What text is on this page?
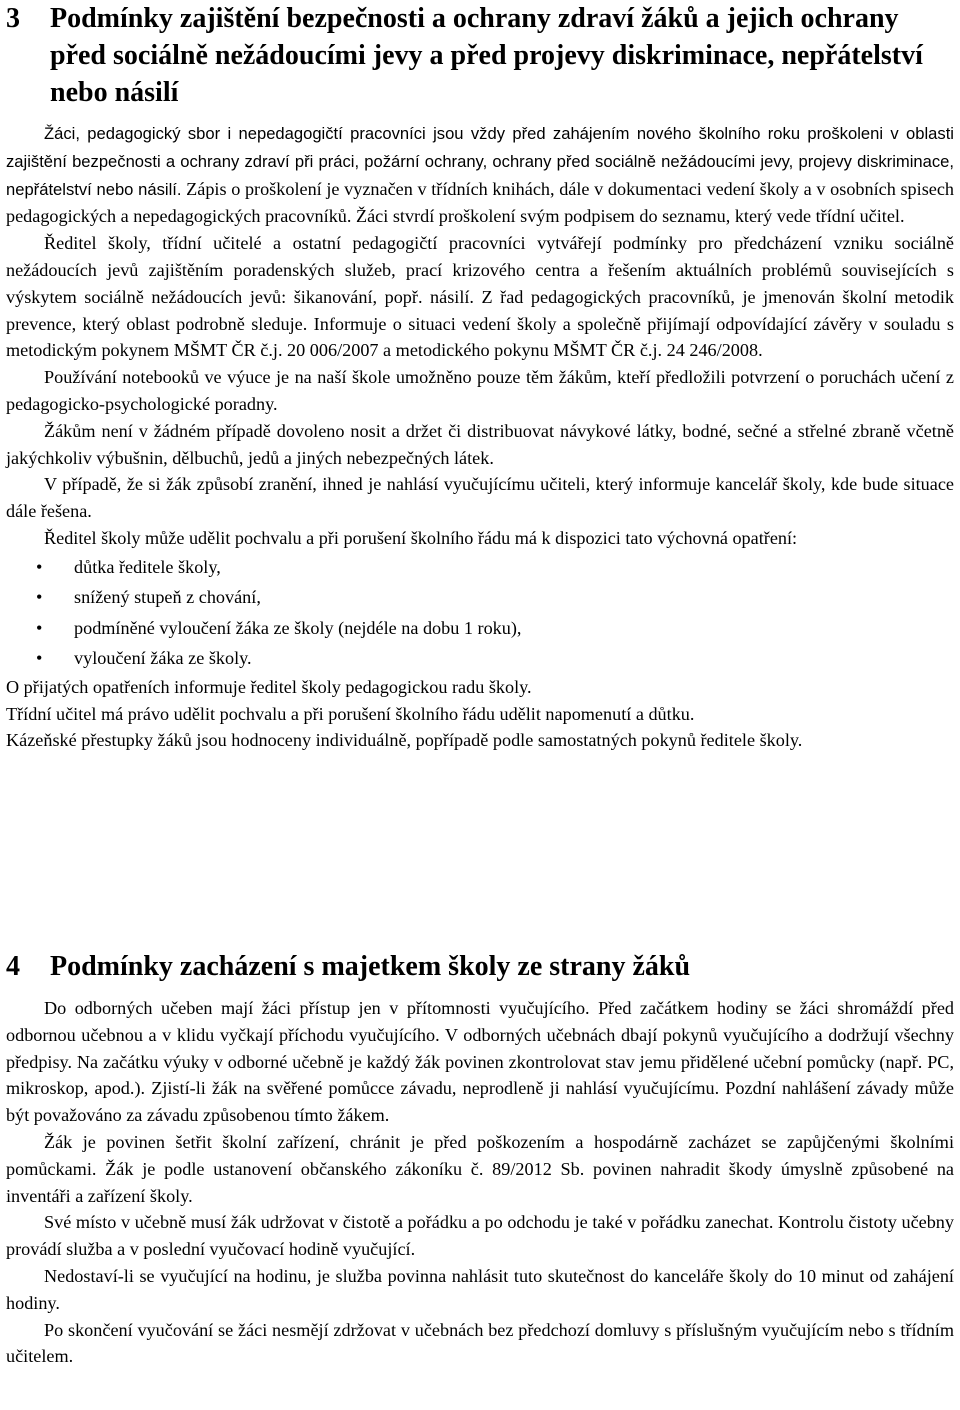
3	Podmínky zajištění bezpečnosti a ochrany zdraví žáků a jejich ochrany před sociálně nežádoucími jevy a před projevy diskriminace, nepřátelství nebo násilí

Žáci, pedagogický sbor i nepedagogičtí pracovníci jsou vždy před zahájením nového školního roku proškoleni v oblasti zajištění bezpečnosti a ochrany zdraví při práci, požární ochrany, ochrany před sociálně nežádoucími jevy, projevy diskriminace, nepřátelství nebo násilí. Zápis o proškolení je vyznačen v třídních knihách, dále v dokumentaci vedení školy a v osobních spisech pedagogických a nepedagogických pracovníků. Žáci stvrdí proškolení svým podpisem do seznamu, který vede třídní učitel.

Ředitel školy, třídní učitelé a ostatní pedagogičtí pracovníci vytvářejí podmínky pro předcházení vzniku sociálně nežádoucích jevů zajištěním poradenských služeb, prací krizového centra a řešením aktuálních problémů souvisejících s výskytem sociálně nežádoucích jevů: šikanování, popř. násilí. Z řad pedagogických pracovníků, je jmenován školní metodik prevence, který oblast podrobně sleduje. Informuje o situaci vedení školy a společně přijímají odpovídající závěry v souladu s metodickým pokynem MŠMT ČR č.j. 20 006/2007 a metodického pokynu MŠMT ČR č.j. 24 246/2008.

Používání notebooků ve výuce je na naší škole umožněno pouze těm žákům, kteří předložili potvrzení o poruchách učení z pedagogicko-psychologické poradny.

Žákům není v žádném případě dovoleno nosit a držet či distribuovat návykové látky, bodné, sečné a střelné zbraně včetně jakýchkoliv výbušnin, dělbuchů, jedů a jiných nebezpečných látek.

V případě, že si žák způsobí zranění, ihned je nahlásí vyučujícímu učiteli, který informuje kancelář školy, kde bude situace dále řešena.

Ředitel školy může udělit pochvalu a při porušení školního řádu má k dispozici tato výchovná opatření:

•	důtka ředitele školy,
•	snížený stupeň z chování,
•	podmíněné vyloučení žáka ze školy (nejdéle na dobu 1 roku),
•	vyloučení žáka ze školy.

O přijatých opatřeních informuje ředitel školy pedagogickou radu školy.

Třídní učitel má právo udělit pochvalu a při porušení školního řádu udělit napomenutí a důtku.

Kázeňské přestupky žáků jsou hodnoceny individuálně, popřípadě podle samostatných pokynů ředitele školy.

4	Podmínky zacházení s majetkem školy ze strany žáků

Do odborných učeben mají žáci přístup jen v přítomnosti vyučujícího. Před začátkem hodiny se žáci shromáždí před odbornou učebnou a v klidu vyčkají příchodu vyučujícího. V odborných učebnách dbají pokynů vyučujícího a dodržují všechny předpisy. Na začátku výuky v odborné učebně je každý žák povinen zkontrolovat stav jemu přidělené učební pomůcky (např. PC, mikroskop, apod.). Zjistí-li žák na svěřené pomůcce závadu, neprodleně ji nahlásí vyučujícímu. Pozdní nahlášení závady může být považováno za závadu způsobenou tímto žákem.

Žák je povinen šetřit školní zařízení, chránit je před poškozením a hospodárně zacházet se zapůjčenými školními pomůckami. Žák je podle ustanovení občanského zákoníku č. 89/2012 Sb. povinen nahradit škody úmyslně způsobené na inventáři a zařízení školy.

Své místo v učebně musí žák udržovat v čistotě a pořádku a po odchodu je také v pořádku zanechat. Kontrolu čistoty učebny provádí služba a v poslední vyučovací hodině vyučující.

Nedostaví-li se vyučující na hodinu, je služba povinna nahlásit tuto skutečnost do kanceláře školy do 10 minut od zahájení hodiny.

Po skončení vyučování se žáci nesmějí zdržovat v učebnách bez předchozí domluvy s příslušným vyučujícím nebo s třídním učitelem.
